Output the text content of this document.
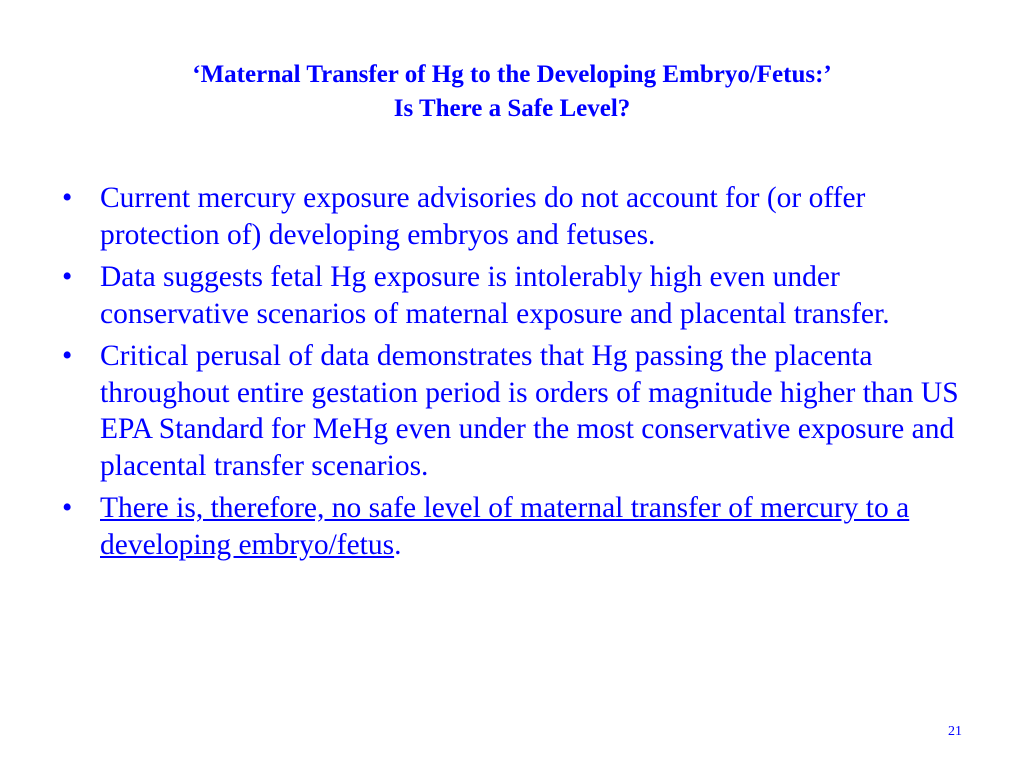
‘Maternal Transfer of Hg to the Developing Embryo/Fetus:’
Is There a Safe Level?
• Current mercury exposure advisories do not account for (or offer protection of) developing embryos and fetuses.
• Data suggests fetal Hg exposure is intolerably high even under conservative scenarios of maternal exposure and placental transfer.
• Critical perusal of data demonstrates that Hg passing the placenta throughout entire gestation period is orders of magnitude higher than US EPA Standard for MeHg even under the most conservative exposure and placental transfer scenarios.
• There is, therefore, no safe level of maternal transfer of mercury to a developing embryo/fetus.
21
